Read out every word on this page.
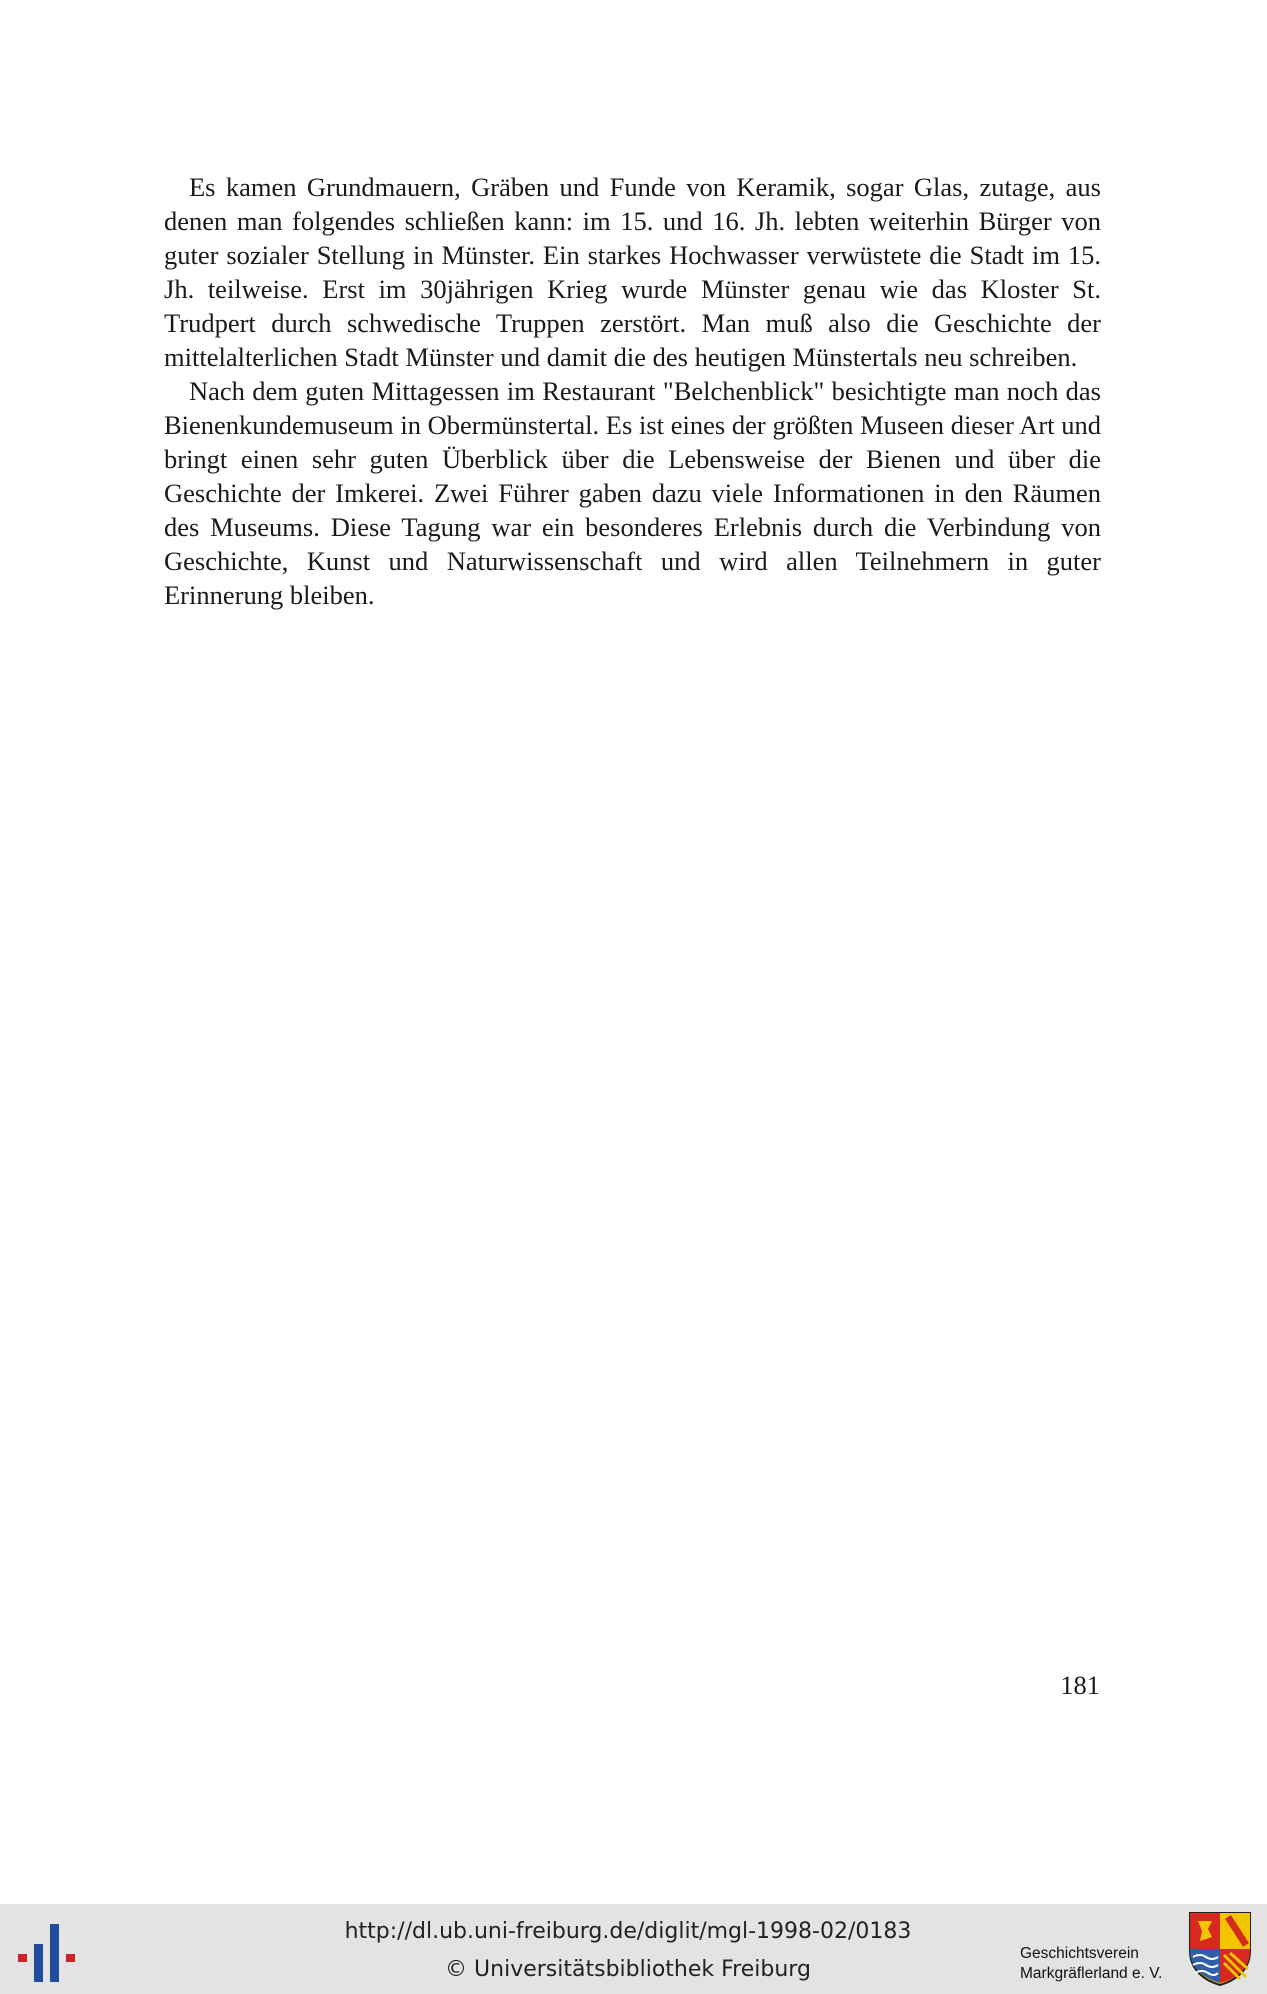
Es kamen Grundmauern, Gräben und Funde von Keramik, sogar Glas, zutage, aus denen man folgendes schließen kann: im 15. und 16. Jh. lebten weiterhin Bürger von guter sozialer Stellung in Münster. Ein starkes Hochwasser verwüstete die Stadt im 15. Jh. teilweise. Erst im 30jährigen Krieg wurde Münster genau wie das Kloster St. Trudpert durch schwedische Truppen zerstört. Man muß also die Geschichte der mittelalterlichen Stadt Münster und damit die des heutigen Münstertals neu schreiben.

Nach dem guten Mittagessen im Restaurant "Belchenblick" besichtigte man noch das Bienenkundemuseum in Obermünstertal. Es ist eines der größten Museen dieser Art und bringt einen sehr guten Überblick über die Lebensweise der Bienen und über die Geschichte der Imkerei. Zwei Führer gaben dazu viele Informationen in den Räumen des Museums. Diese Tagung war ein besonderes Erlebnis durch die Verbindung von Geschichte, Kunst und Naturwissenschaft und wird allen Teilnehmern in guter Erinnerung bleiben.

181
http://dl.ub.uni-freiburg.de/diglit/mgl-1998-02/0183
© Universitätsbibliothek Freiburg
Geschichtsverein
Markgräflerland e. V.
